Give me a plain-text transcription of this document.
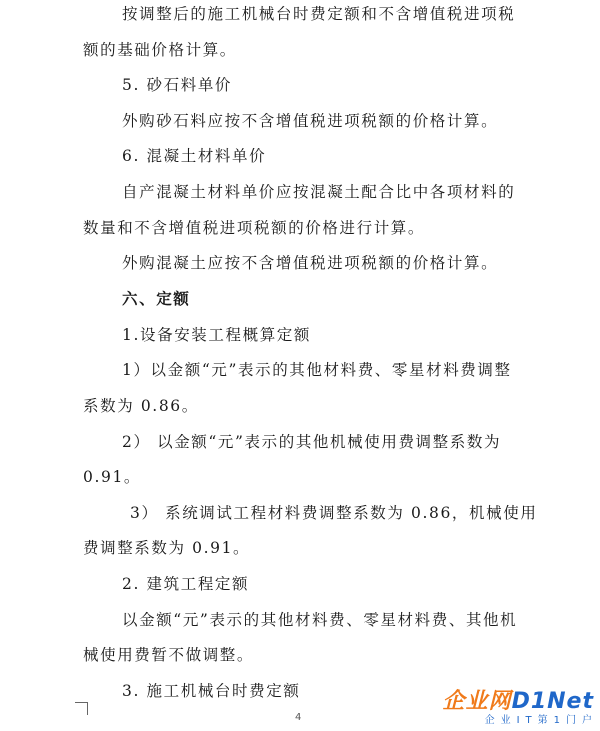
按调整后的施工机械台时费定额和不含增值税进项税
额的基础价格计算。
5. 砂石料单价
外购砂石料应按不含增值税进项税额的价格计算。
6. 混凝土材料单价
自产混凝土材料单价应按混凝土配合比中各项材料的
数量和不含增值税进项税额的价格进行计算。
外购混凝土应按不含增值税进项税额的价格计算。
六、定额
1.设备安装工程概算定额
1）以金额“元”表示的其他材料费、零星材料费调整
系数为 0.86。
2） 以金额“元”表示的其他机械使用费调整系数为
0.91。
3） 系统调试工程材料费调整系数为 0.86，机械使用
费调整系数为 0.91。
2. 建筑工程定额
以金额“元”表示的其他材料费、零星材料费、其他机
械使用费暂不做调整。
3. 施工机械台时费定额
4
企业网D1Net
企业IT第1门户
